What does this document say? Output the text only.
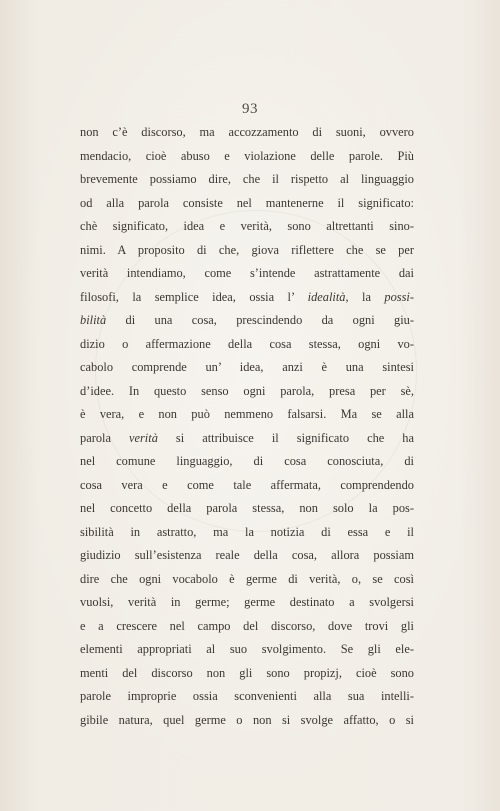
93
non c’è discorso, ma accozzamento di suoni, ovvero
mendacio, cioè abuso e violazione delle parole. Più
brevemente possiamo dire, che il rispetto al linguaggio
od alla parola consiste nel mantenerne il significato:
chè significato, idea e verità, sono altrettanti sino-
nimi. A proposito di che, giova riflettere che se per
verità intendiamo, come s’intende astrattamente dai
filosofi, la semplice idea, ossia l’ idealità, la possi-
bilità di una cosa, prescindendo da ogni giu-
dizio o affermazione della cosa stessa, ogni vo-
cabolo comprende un’ idea, anzi è una sintesi
d’idee. In questo senso ogni parola, presa per sè,
è vera, e non può nemmeno falsarsi. Ma se alla
parola verità si attribuisce il significato che ha
nel comune linguaggio, di cosa conosciuta, di
cosa vera e come tale affermata, comprendendo
nel concetto della parola stessa, non solo la pos-
sibilità in astratto, ma la notizia di essa e il
giudizio sull’esistenza reale della cosa, allora possiam
dire che ogni vocabolo è germe di verità, o, se così
vuolsi, verità in germe; germe destinato a svolgersi
e a crescere nel campo del discorso, dove trovi gli
elementi appropriati al suo svolgimento. Se gli ele-
menti del discorso non gli sono propizj, cioè sono
parole improprie ossia sconvenienti alla sua intelli-
gibile natura, quel germe o non si svolge affatto, o si
